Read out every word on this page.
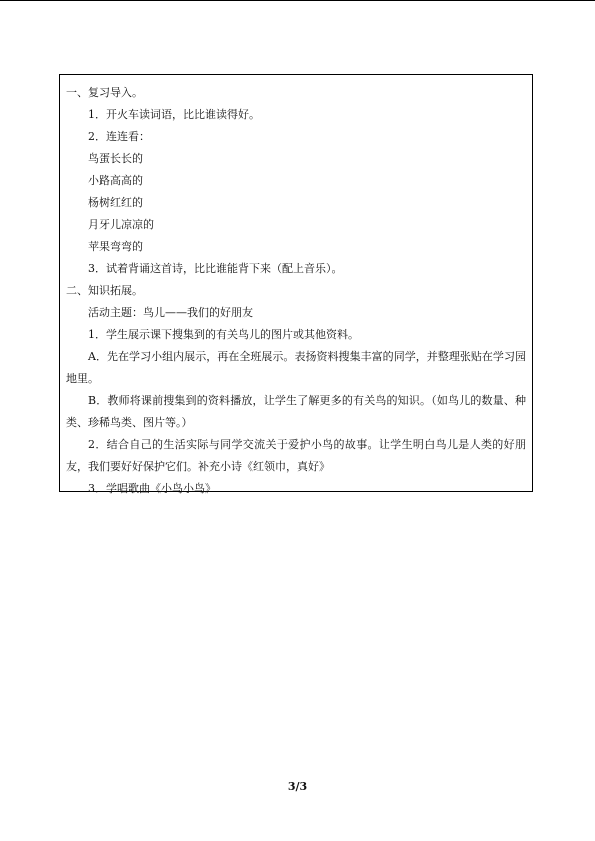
一、复习导入。

1．开火车读词语，比比谁读得好。

2．连连看：

鸟蛋长长的

小路高高的

杨树红红的

月牙儿凉凉的

苹果弯弯的

3．试着背诵这首诗，比比谁能背下来（配上音乐）。

二、知识拓展。

活动主题：鸟儿——我们的好朋友

1．学生展示课下搜集到的有关鸟儿的图片或其他资料。

A．先在学习小组内展示，再在全班展示。表扬资料搜集丰富的同学，并整理张贴在学习园地里。

B．教师将课前搜集到的资料播放，让学生了解更多的有关鸟的知识。（如鸟儿的数量、种类、珍稀鸟类、图片等。）

2．结合自己的生活实际与同学交流关于爱护小鸟的故事。让学生明白鸟儿是人类的好朋友，我们要好好保护它们。补充小诗《红领巾，真好》

3．学唱歌曲《小鸟小鸟》

3/3
